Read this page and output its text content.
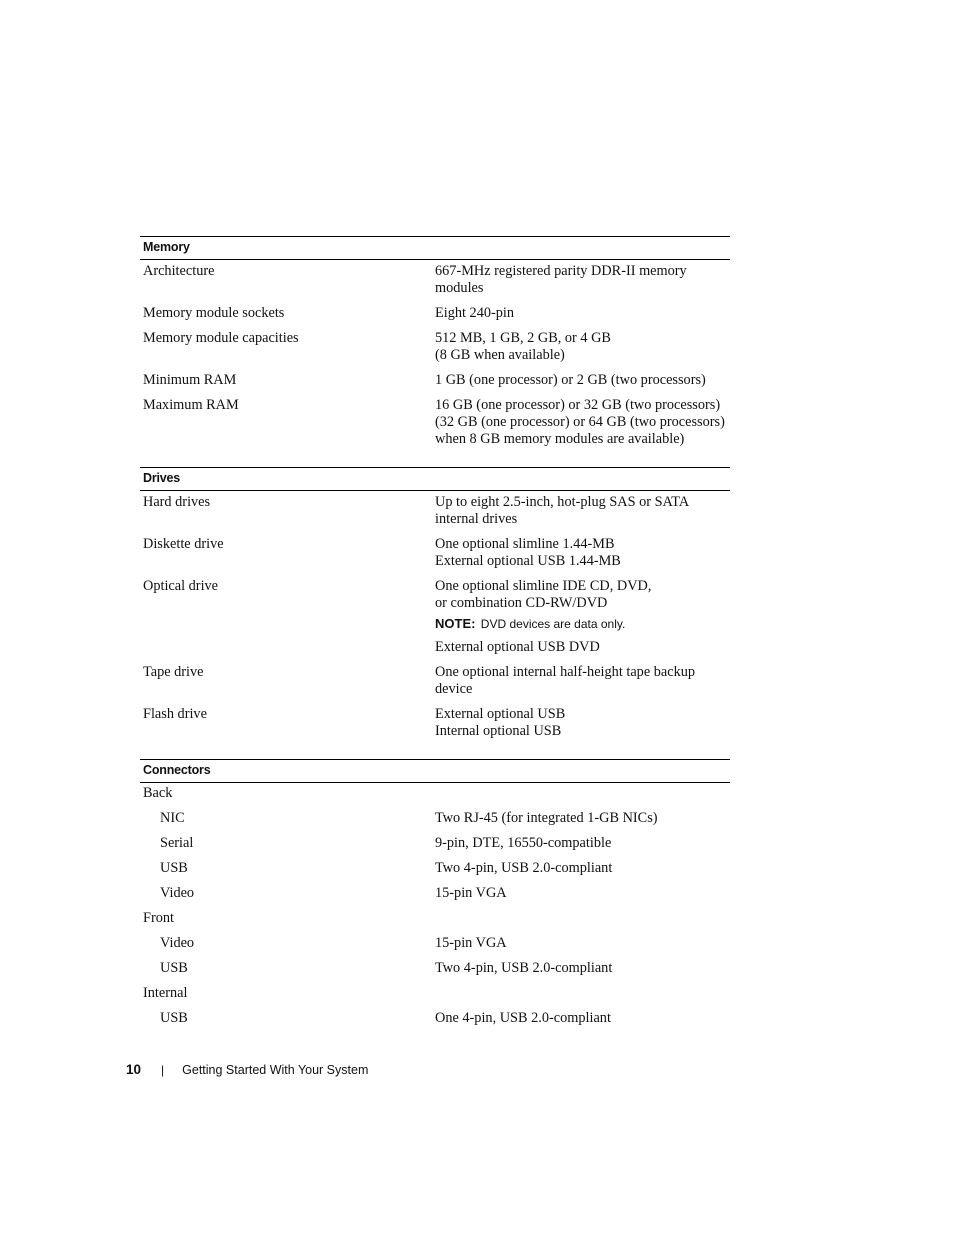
Memory
Architecture	667-MHz registered parity DDR-II memory
modules
Memory module sockets	Eight 240-pin
Memory module capacities	512 MB, 1 GB, 2 GB, or 4 GB
(8 GB when available)
Minimum RAM	1 GB (one processor) or 2 GB (two processors)
Maximum RAM	16 GB (one processor) or 32 GB (two processors)
(32 GB (one processor) or 64 GB (two processors)
when 8 GB memory modules are available)
Drives
Hard drives	Up to eight 2.5-inch, hot-plug SAS or SATA
internal drives
Diskette drive	One optional slimline 1.44-MB
External optional USB 1.44-MB
Optical drive	One optional slimline IDE CD, DVD,
or combination CD-RW/DVD
NOTE: DVD devices are data only.
External optional USB DVD
Tape drive	One optional internal half-height tape backup
device
Flash drive	External optional USB
Internal optional USB
Connectors
Back
NIC	Two RJ-45 (for integrated 1-GB NICs)
Serial	9-pin, DTE, 16550-compatible
USB	Two 4-pin, USB 2.0-compliant
Video	15-pin VGA
Front
Video	15-pin VGA
USB	Two 4-pin, USB 2.0-compliant
Internal
USB	One 4-pin, USB 2.0-compliant
10 | Getting Started With Your System
